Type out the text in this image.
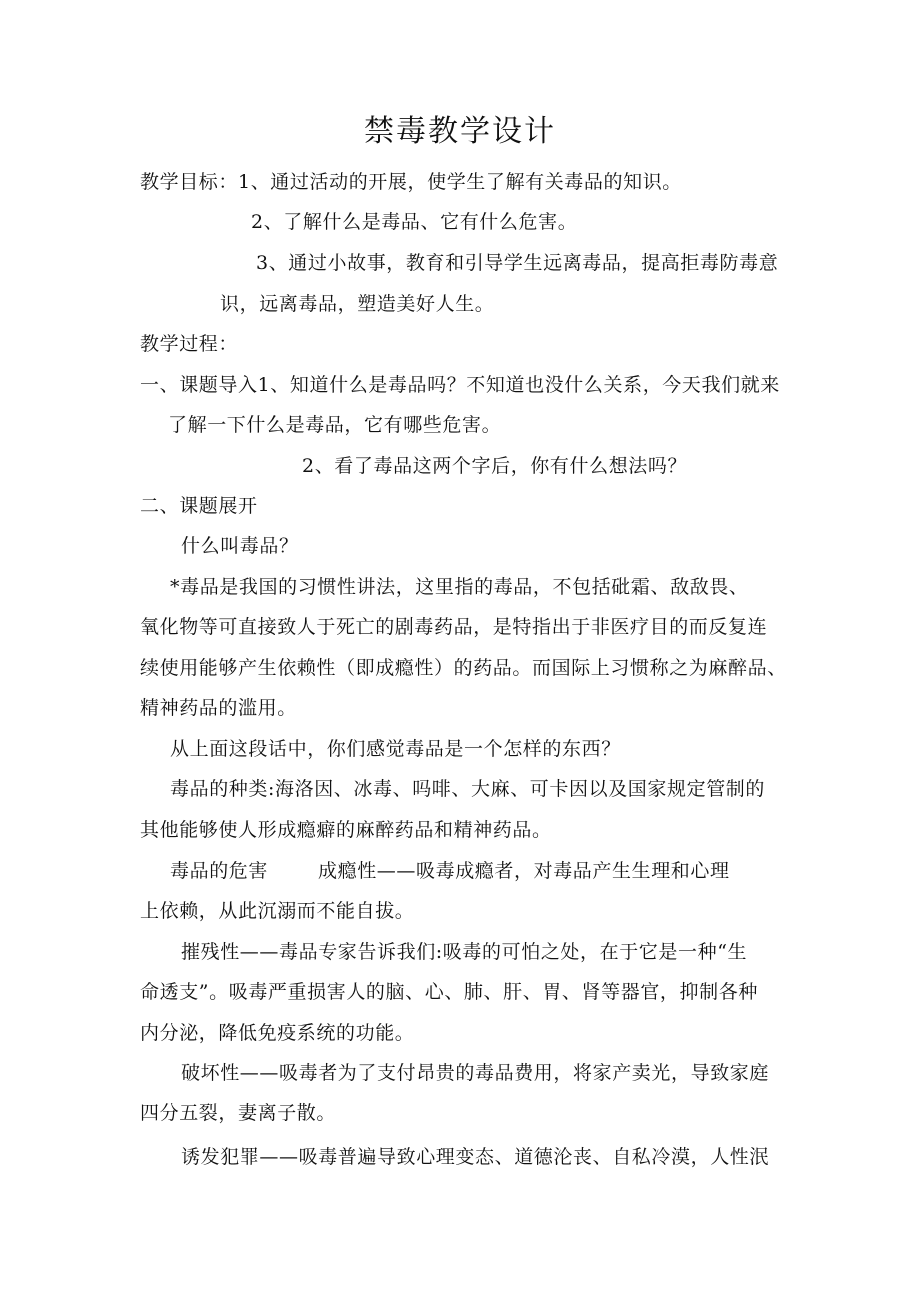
禁毒教学设计
教学目标：1、通过活动的开展，使学生了解有关毒品的知识。
2、了解什么是毒品、它有什么危害。
3、通过小故事，教育和引导学生远离毒品，提高拒毒防毒意
识，远离毒品，塑造美好人生。
教学过程：
一、课题导入1、知道什么是毒品吗？不知道也没什么关系，今天我们就来
了解一下什么是毒品，它有哪些危害。
2、看了毒品这两个字后，你有什么想法吗？
二、课题展开
什么叫毒品？
*毒品是我国的习惯性讲法，这里指的毒品，不包括砒霜、敌敌畏、
氧化物等可直接致人于死亡的剧毒药品，是特指出于非医疗目的而反复连
续使用能够产生依赖性（即成瘾性）的药品。而国际上习惯称之为麻醉品、
精神药品的滥用。
从上面这段话中，你们感觉毒品是一个怎样的东西？
毒品的种类:海洛因、冰毒、吗啡、大麻、可卡因以及国家规定管制的
其他能够使人形成瘾癖的麻醉药品和精神药品。
毒品的危害	成瘾性——吸毒成瘾者，对毒品产生生理和心理
上依赖，从此沉溺而不能自拔。
摧残性——毒品专家告诉我们:吸毒的可怕之处，在于它是一种“生
命透支”。吸毒严重损害人的脑、心、肺、肝、胃、肾等器官，抑制各种
内分泌，降低免疫系统的功能。
破坏性——吸毒者为了支付昂贵的毒品费用，将家产卖光，导致家庭
四分五裂，妻离子散。
诱发犯罪——吸毒普遍导致心理变态、道德沦丧、自私冷漠，人性泯
